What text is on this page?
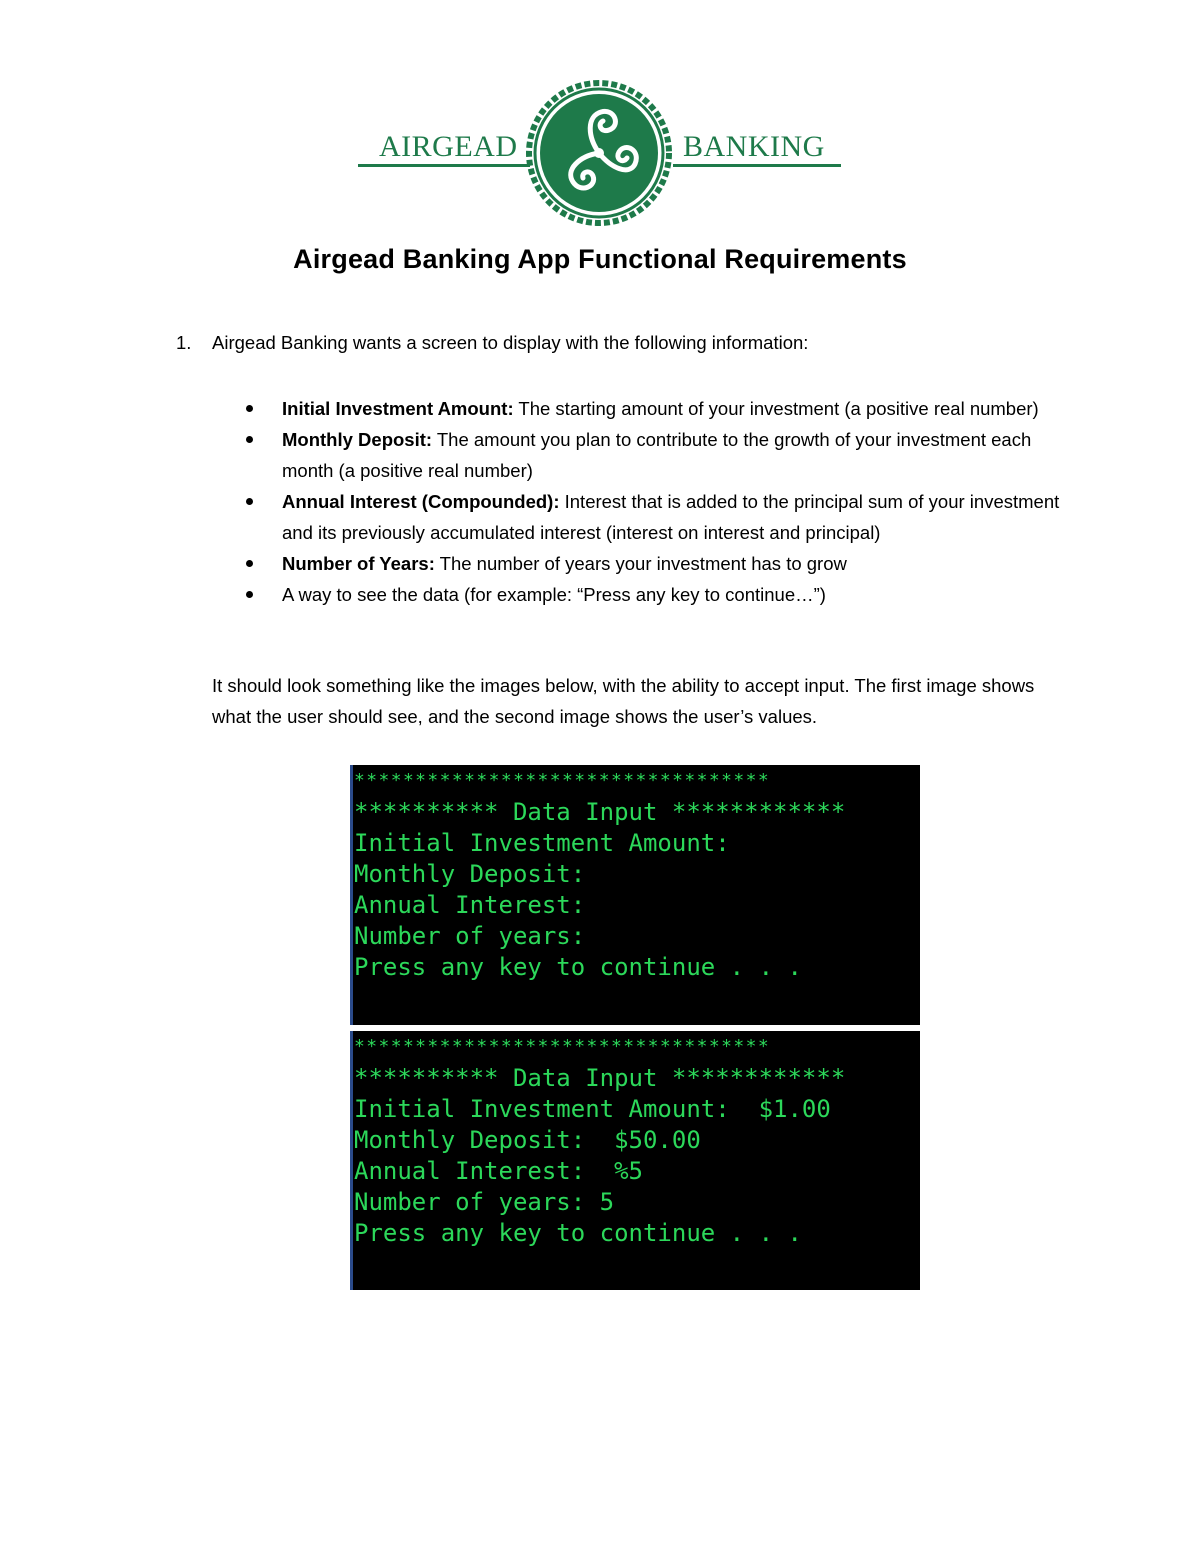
AIRGEAD	BANKING
Airgead Banking App Functional Requirements
1. Airgead Banking wants a screen to display with the following information:
Initial Investment Amount: The starting amount of your investment (a positive real number)
Monthly Deposit: The amount you plan to contribute to the growth of your investment each month (a positive real number)
Annual Interest (Compounded): Interest that is added to the principal sum of your investment and its previously accumulated interest (interest on interest and principal)
Number of Years: The number of years your investment has to grow
A way to see the data (for example: “Press any key to continue…”)
It should look something like the images below, with the ability to accept input. The first image shows what the user should see, and the second image shows the user’s values.
**********************************
********** Data Input ************
Initial Investment Amount:
Monthly Deposit:
Annual Interest:
Number of years:
Press any key to continue . . .
**********************************
********** Data Input ************
Initial Investment Amount:  $1.00
Monthly Deposit:  $50.00
Annual Interest:  %5
Number of years: 5
Press any key to continue . . .
